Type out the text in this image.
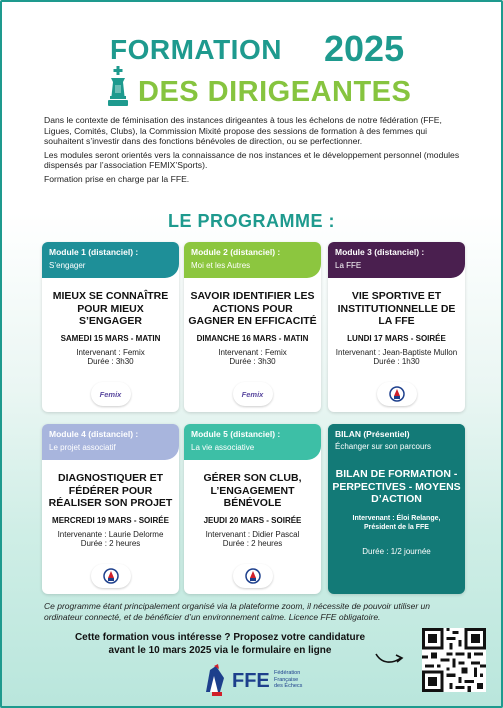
FORMATION 2025
DES DIRIGEANTES

Dans le contexte de féminisation des instances dirigeantes à tous les échelons de notre fédération (FFE, Ligues, Comités, Clubs), la Commission Mixité propose des sessions de formation à des femmes qui souhaitent s’investir dans des fonctions bénévoles de direction, ou se perfectionner.

Les modules seront orientés vers la connaissance de nos instances et le développement personnel (modules dispensés par l’association FEMIX’Sports).

Formation prise en charge par la FFE.

LE PROGRAMME :
Module 1 (distanciel) :
S’engager
MIEUX SE CONNAÎTRE POUR MIEUX S’ENGAGER
SAMEDI 15 MARS - MATIN
Intervenant : Femix
Durée : 3h30
Femix
Module 2 (distanciel) :
Moi et les Autres
SAVOIR IDENTIFIER LES ACTIONS POUR GAGNER EN EFFICACITÉ
DIMANCHE 16 MARS - MATIN
Intervenant : Femix
Durée : 3h30
Femix
Module 3 (distanciel) :
La FFE
VIE SPORTIVE ET INSTITUTIONNELLE DE LA FFE
LUNDI 17 MARS - SOIRÉE
Intervenant : Jean-Baptiste Mullon
Durée : 1h30
Module 4 (distanciel) :
Le projet associatif
DIAGNOSTIQUER ET FÉDÉRER POUR RÉALISER SON PROJET
MERCREDI 19 MARS - SOIRÉE
Intervenante : Laurie Delorme
Durée : 2 heures
Module 5 (distanciel) :
La vie associative
GÉRER SON CLUB, L’ENGAGEMENT BÉNÉVOLE
JEUDI 20 MARS - SOIRÉE
Intervenant : Didier Pascal
Durée : 2 heures
BILAN (Présentiel)
Échanger sur son parcours
BILAN DE FORMATION - PERPECTIVES - MOYENS D’ACTION
Intervenant : Éloi Relange, Président de la FFE
Durée : 1/2 journée
Ce programme étant principalement organisé via la plateforme zoom, il nécessite de pouvoir utiliser un ordinateur connecté, et de bénéficier d’un environnement calme. Licence FFE obligatoire.
Cette formation vous intéresse ? Proposez votre candidature
avant le 10 mars 2025 via le formulaire en ligne
FFE Fédération
Française
des Échecs
